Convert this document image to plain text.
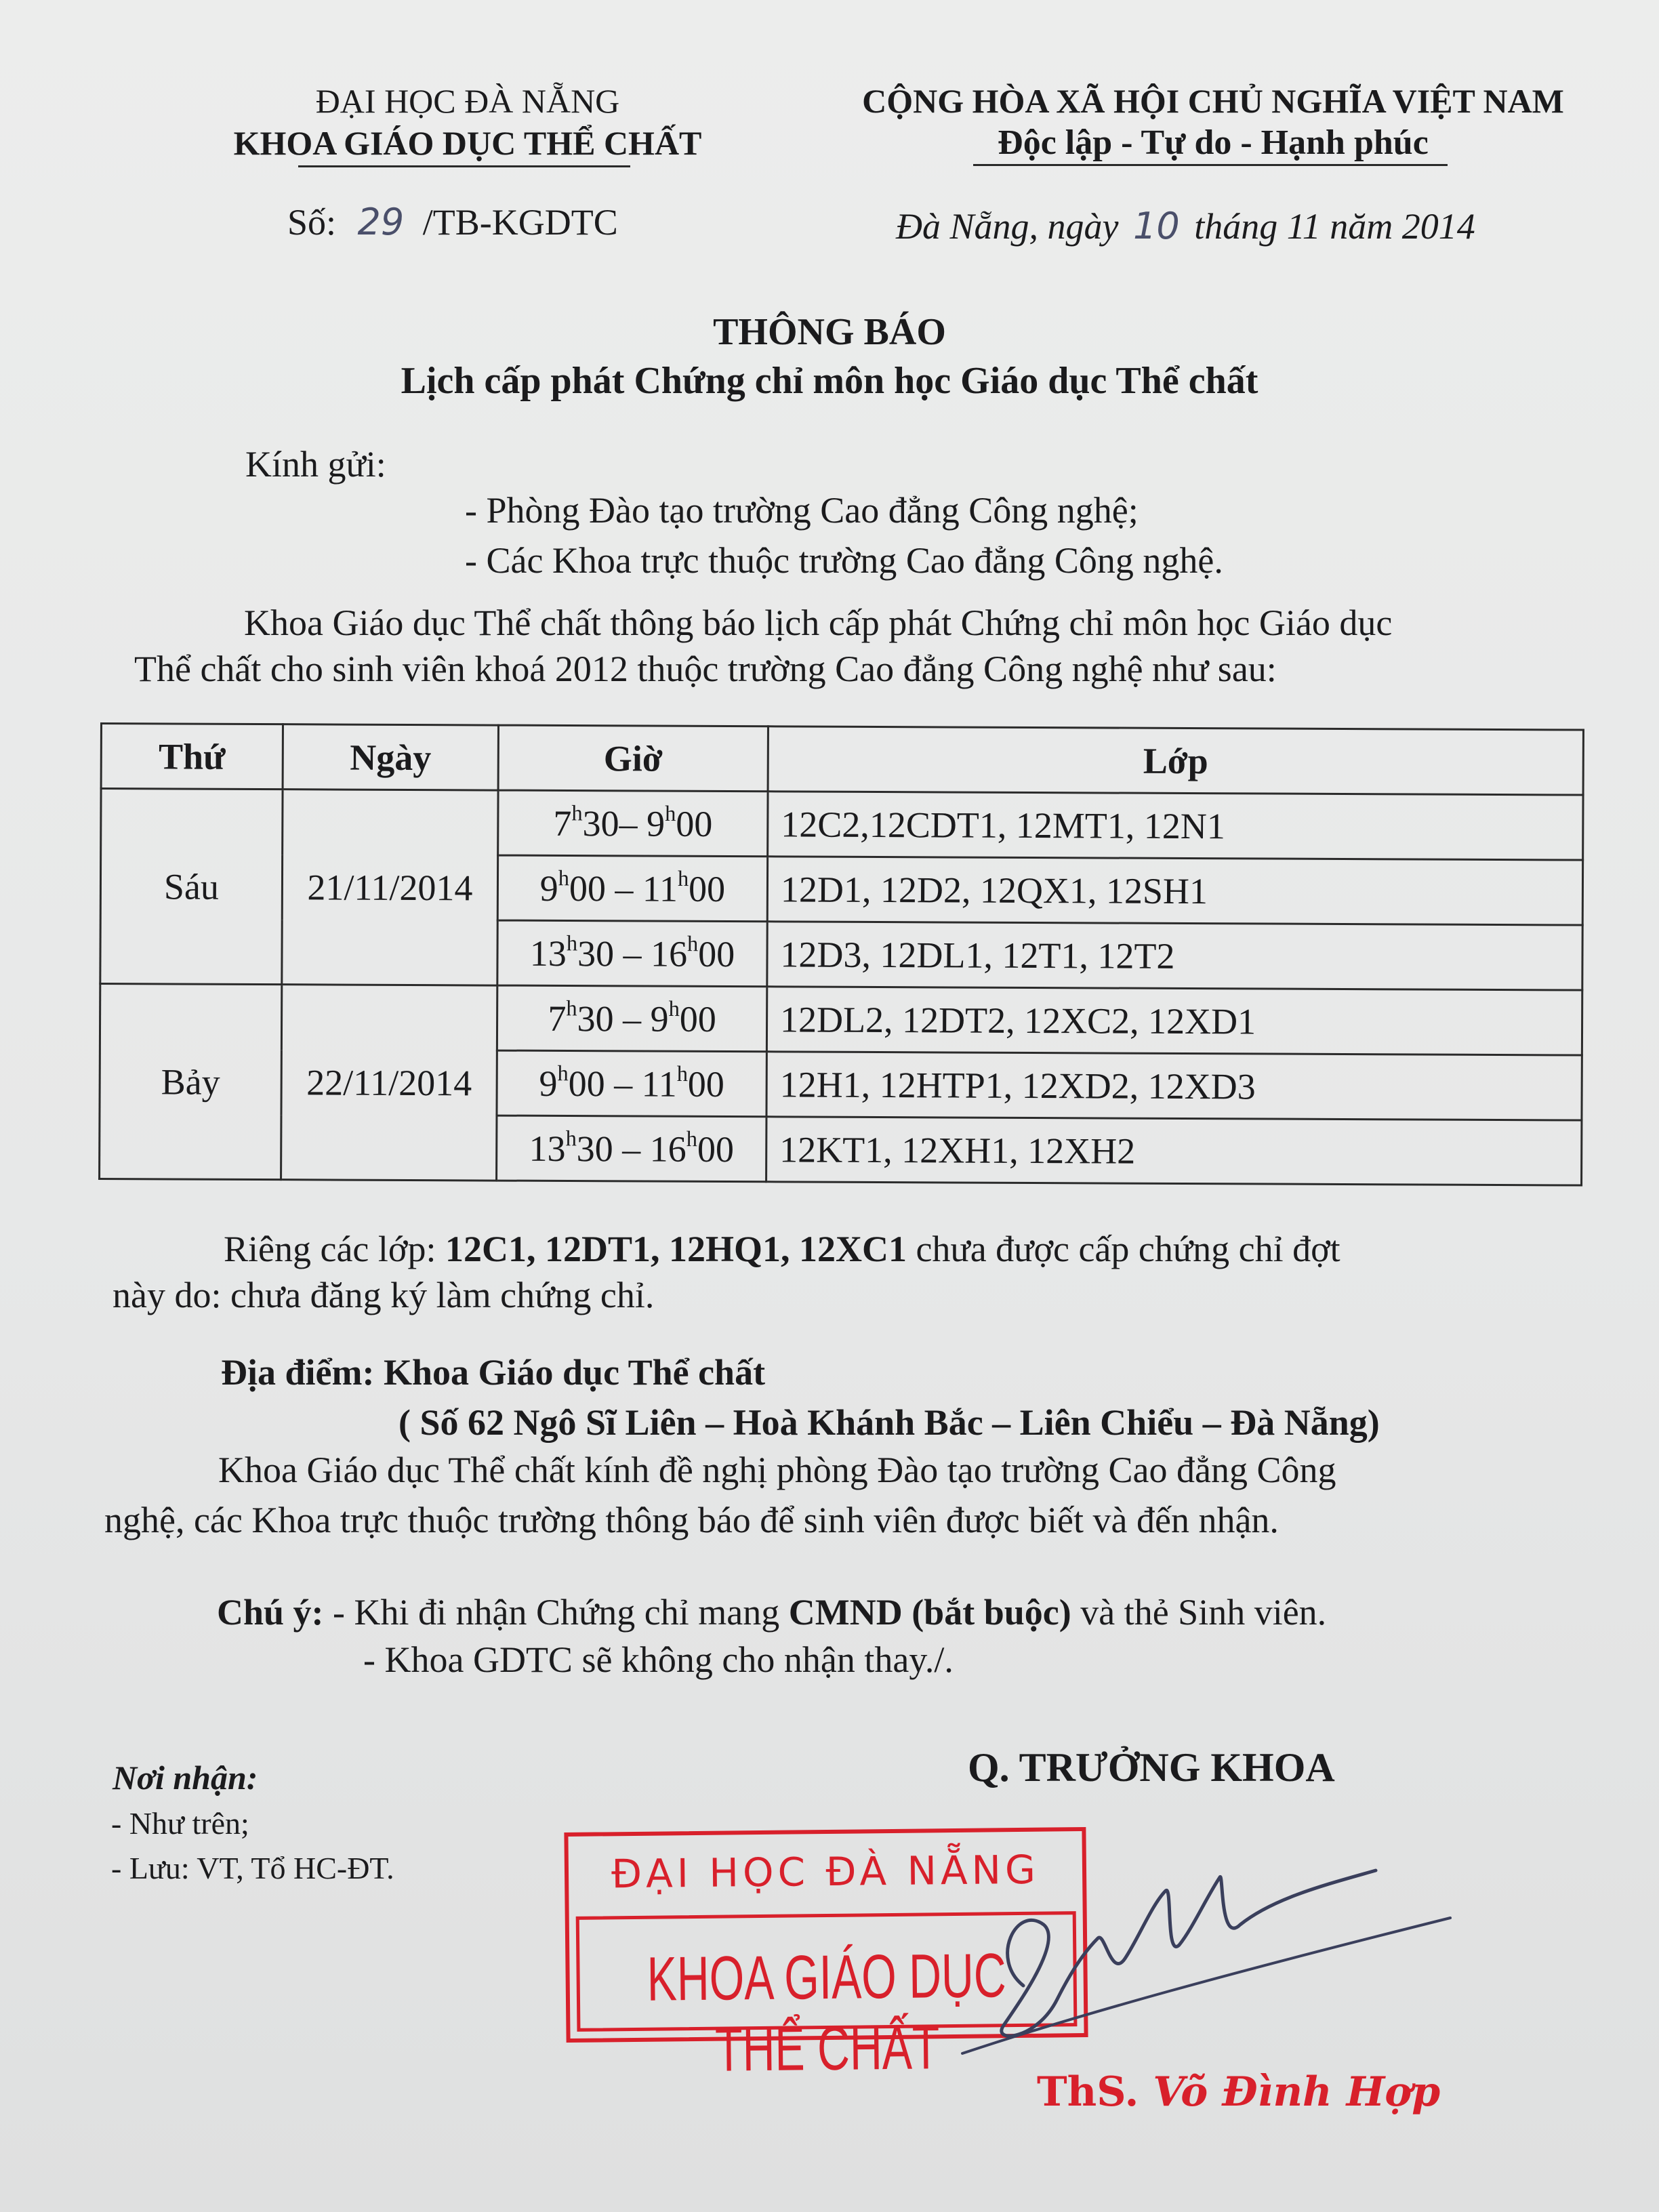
ĐẠI HỌC ĐÀ NẴNG
KHOA GIÁO DỤC THỂ CHẤT
Số: 29 /TB-KGDTC
CỘNG HÒA XÃ HỘI CHỦ NGHĨA VIỆT NAM
Độc lập - Tự do - Hạnh phúc
Đà Nẵng, ngày 10 tháng 11 năm 2014
THÔNG BÁO
Lịch cấp phát Chứng chỉ môn học Giáo dục Thể chất
Kính gửi:
- Phòng Đào tạo trường Cao đẳng Công nghệ;
- Các Khoa trực thuộc trường Cao đẳng Công nghệ.
Khoa Giáo dục Thể chất thông báo lịch cấp phát Chứng chỉ môn học Giáo dục
Thể chất cho sinh viên khoá 2012 thuộc trường Cao đẳng Công nghệ như sau:
Thứ	Ngày	Giờ	Lớp
Sáu	21/11/2014	7$^h$30– 9$^h$00	12C2,12CDT1, 12MT1, 12N1
		9$^h$00 – 11$^h$00	12D1, 12D2, 12QX1, 12SH1
		13$^h$30 – 16$^h$00	12D3, 12DL1, 12T1, 12T2
Bảy	22/11/2014	7$^h$30 – 9$^h$00	12DL2, 12DT2, 12XC2, 12XD1
		9$^h$00 – 11$^h$00	12H1, 12HTP1, 12XD2, 12XD3
		13$^h$30 – 16$^h$00	12KT1, 12XH1, 12XH2
Riêng các lớp: 12C1, 12DT1, 12HQ1, 12XC1 chưa được cấp chứng chỉ đợt
này do: chưa đăng ký làm chứng chỉ.
Địa điểm: Khoa Giáo dục Thể chất
( Số 62 Ngô Sĩ Liên – Hoà Khánh Bắc – Liên Chiểu – Đà Nẵng)
Khoa Giáo dục Thể chất kính đề nghị phòng Đào tạo trường Cao đẳng Công
nghệ, các Khoa trực thuộc trường thông báo để sinh viên được biết và đến nhận.
Chú ý: - Khi đi nhận Chứng chỉ mang CMND (bắt buộc) và thẻ Sinh viên.
- Khoa GDTC sẽ không cho nhận thay./.
Nơi nhận:
- Như trên;
- Lưu: VT, Tổ HC-ĐT.
Q. TRƯỞNG KHOA
ĐẠI HỌC ĐÀ NẴNG
KHOA GIÁO DỤC THỂ CHẤT
ThS. Võ Đình Hợp
